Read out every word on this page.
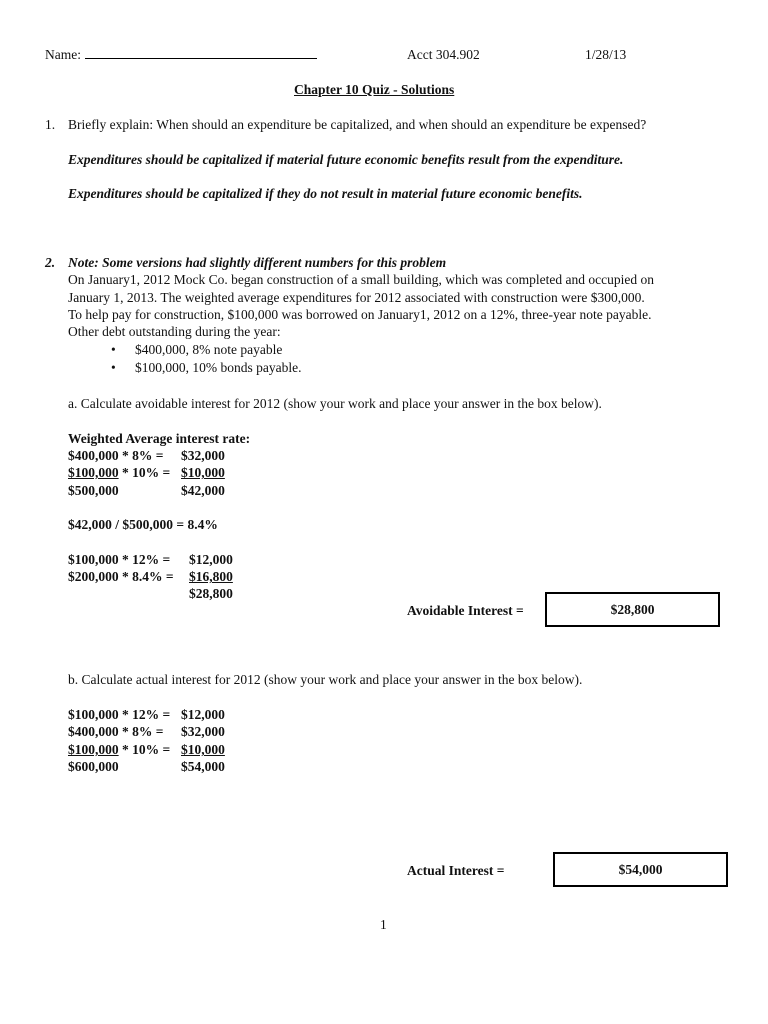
Name:	Acct 304.902	1/28/13
Chapter 10 Quiz - Solutions
1. Briefly explain: When should an expenditure be capitalized, and when should an expenditure be expensed?
Expenditures should be capitalized if material future economic benefits result from the expenditure.
Expenditures should be capitalized if they do not result in material future economic benefits.
2. Note: Some versions had slightly different numbers for this problem
On January1, 2012 Mock Co. began construction of a small building, which was completed and occupied on
January 1, 2013. The weighted average expenditures for 2012 associated with construction were $300,000.
To help pay for construction, $100,000 was borrowed on January1, 2012 on a 12%, three-year note payable.
Other debt outstanding during the year:
• $400,000, 8% note payable
• $100,000, 10% bonds payable.
a. Calculate avoidable interest for 2012 (show your work and place your answer in the box below).
Weighted Average interest rate:
$400,000 * 8% = $32,000
$100,000 * 10% = $10,000
$500,000	$42,000
$42,000 / $500,000 = 8.4%
$100,000 * 12% = $12,000
$200,000 * 8.4% = $16,800
$28,800
Avoidable Interest =	$28,800
b. Calculate actual interest for 2012 (show your work and place your answer in the box below).
$100,000 * 12% = $12,000
$400,000 * 8% = $32,000
$100,000 * 10% = $10,000
$600,000	$54,000
Actual Interest =	$54,000
1
